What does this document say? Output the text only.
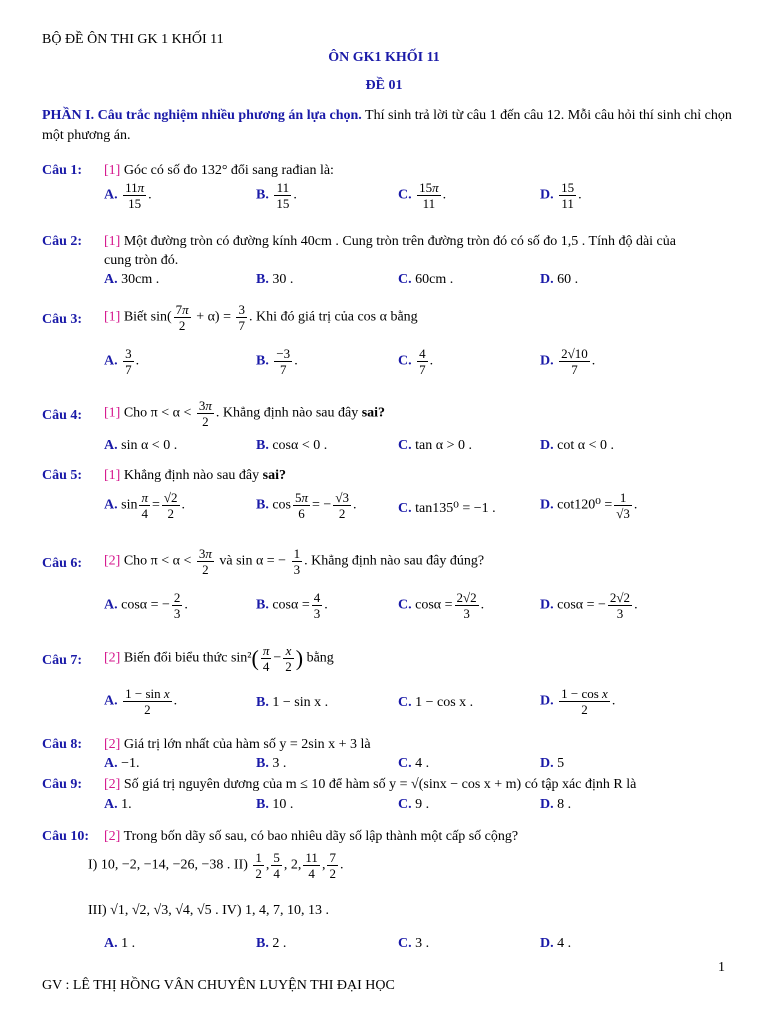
BỘ ĐỀ ÔN THI GK 1 KHỐI 11
ÔN GK1 KHỐI 11
ĐỀ 01
PHẦN I. Câu trắc nghiệm nhiều phương án lựa chọn. Thí sinh trả lời từ câu 1 đến câu 12. Mỗi câu hỏi thí sinh chỉ chọn một phương án.
Câu 1: [1] Góc có số đo 132° đổi sang rađian là:
A. $\frac{11\pi}{15}$ .	B. $\frac{11}{15}$ .	C. $\frac{15\pi}{11}$ .	D. $\frac{15}{11}$ .
Câu 2: [1] Một đường tròn có đường kính 40cm . Cung tròn trên đường tròn đó có số đo 1,5 . Tính độ dài của
cung tròn đó.
A. 30cm .	B. 30 .	C. 60cm .	D. 60 .
Câu 3: [1] Biết $\sin( \frac{7\pi}{2} + \alpha) = \frac{3}{7}$ . Khi đó giá trị của cos α bằng
A. $\frac{3}{7}$ .	B. $\frac{-3}{7}$ .	C. $\frac{4}{7}$ .	D. $\frac{2√10}{7}$ .
Câu 4: [1] Cho $\pi < \alpha < \frac{3\pi}{2}$ . Khẳng định nào sau đây sai?
A. sin α < 0 .	B. cosα < 0 .	C. tan α > 0 .	D. cot α < 0 .
Câu 5: [1] Khẳng định nào sau đây sai?
A. $\sin \frac{\pi}{4} = \frac{√2}{2}$ .	B. $\cos \frac{5\pi}{6}$ = − $\frac{√3}{2}$ .	C. tan135⁰ = −1 .	D. $\cot 120^0 = \frac{1}{√3}$ .
Câu 6: [2] Cho $\pi < \alpha < \frac{3\pi}{2}$ và sin α = − $\frac{1}{3}$ . Khẳng định nào sau đây đúng?
A. cosα = − $\frac{2}{3}$ .	B. $\cos\alpha = \frac{4}{3}$ .	C. $\cos\alpha = \frac{2√2}{3}$ .	D. cosα = − $\frac{2√2}{3}$ .
Câu 7: [2] Biến đổi biểu thức $\sin^2( \frac{\pi}{4} - \frac{x}{2}$ ) bằng
A. $\frac{\text{1 − sin x}}{2}$ .	B. 1 − sin x .	C. 1 − cos x .	D. $\frac{\text{1 − cos x}}{2}$ .
Câu 8: [2] Giá trị lớn nhất của hàm số y = 2sin x + 3 là
A. −1.	B. 3 .	C. 4 .	D. 5
Câu 9: [2] Số giá trị nguyên dương của m ≤ 10 để hàm số y = √(sinx − cos x + m) có tập xác định R là
A. 1.	B. 10 .	C. 9 .	D. 8 .
Câu 10: [2] Trong bốn dãy số sau, có bao nhiêu dãy số lập thành một cấp số cộng?
I) 10, −2, −14, −26, −38 . $II) \frac{1}{2}$ , $\frac{5}{4}$ , 2, $\frac{11}{4}$ , $\frac{7}{2}$ .
III) √1, √2, √3, √4, √5 . IV) 1, 4, 7, 10, 13 .
A. 1 .	B. 2 .	C. 3 .	D. 4 .
1
GV : LÊ THỊ HỒNG VÂN CHUYÊN LUYỆN THI ĐẠI HỌC
